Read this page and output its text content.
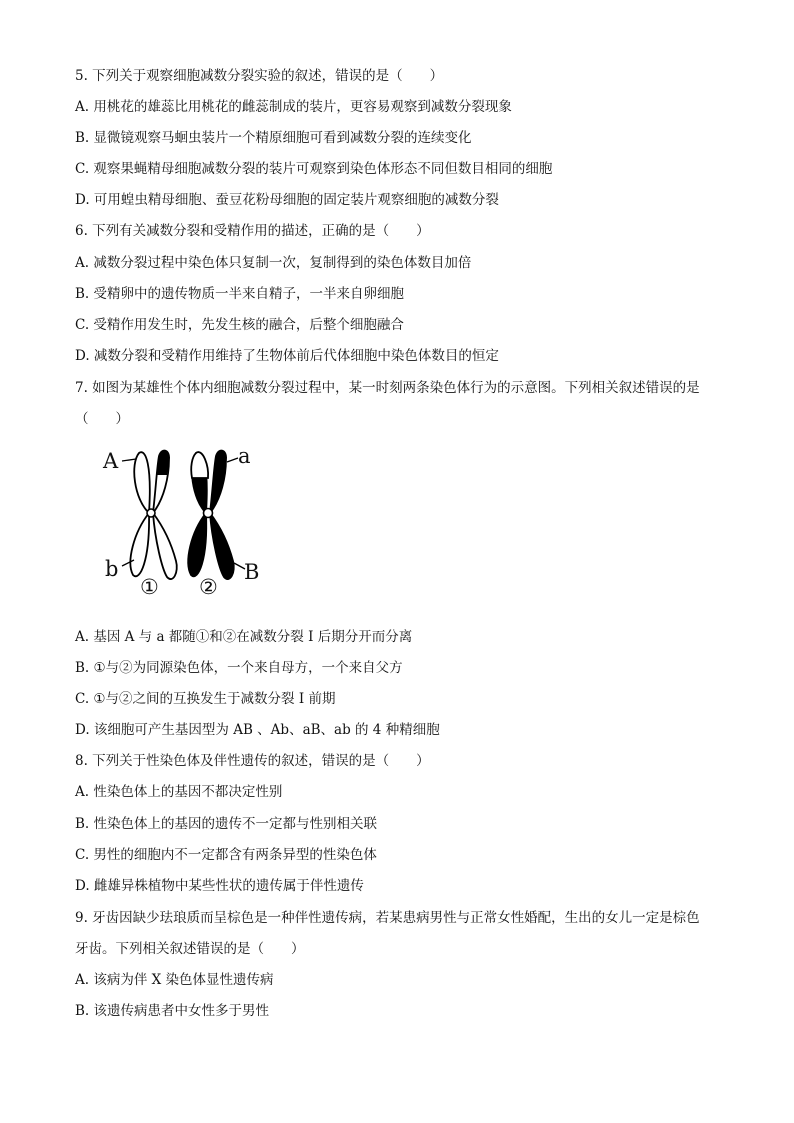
5. 下列关于观察细胞减数分裂实验的叙述，错误的是（　　）
A. 用桃花的雄蕊比用桃花的雌蕊制成的装片，更容易观察到减数分裂现象
B. 显微镜观察马蛔虫装片一个精原细胞可看到减数分裂的连续变化
C. 观察果蝇精母细胞减数分裂的装片可观察到染色体形态不同但数目相同的细胞
D. 可用蝗虫精母细胞、蚕豆花粉母细胞的固定装片观察细胞的减数分裂
6. 下列有关减数分裂和受精作用的描述，正确的是（　　）
A. 减数分裂过程中染色体只复制一次，复制得到的染色体数目加倍
B. 受精卵中的遗传物质一半来自精子，一半来自卵细胞
C. 受精作用发生时，先发生核的融合，后整个细胞融合
D. 减数分裂和受精作用维持了生物体前后代体细胞中染色体数目的恒定
7. 如图为某雄性个体内细胞减数分裂过程中，某一时刻两条染色体行为的示意图。下列相关叙述错误的是
（　　）
A	a
b	B
① ②
A. 基因 A 与 a 都随①和②在减数分裂 I 后期分开而分离
B. ①与②为同源染色体，一个来自母方，一个来自父方
C. ①与②之间的互换发生于减数分裂 I 前期
D. 该细胞可产生基因型为 AB 、Ab、aB、ab 的 4 种精细胞
8. 下列关于性染色体及伴性遗传的叙述，错误的是（　　）
A. 性染色体上的基因不都决定性别
B. 性染色体上的基因的遗传不一定都与性别相关联
C. 男性的细胞内不一定都含有两条异型的性染色体
D. 雌雄异株植物中某些性状的遗传属于伴性遗传
9. 牙齿因缺少珐琅质而呈棕色是一种伴性遗传病，若某患病男性与正常女性婚配，生出的女儿一定是棕色
牙齿。下列相关叙述错误的是（　　）
A. 该病为伴 X 染色体显性遗传病
B. 该遗传病患者中女性多于男性
